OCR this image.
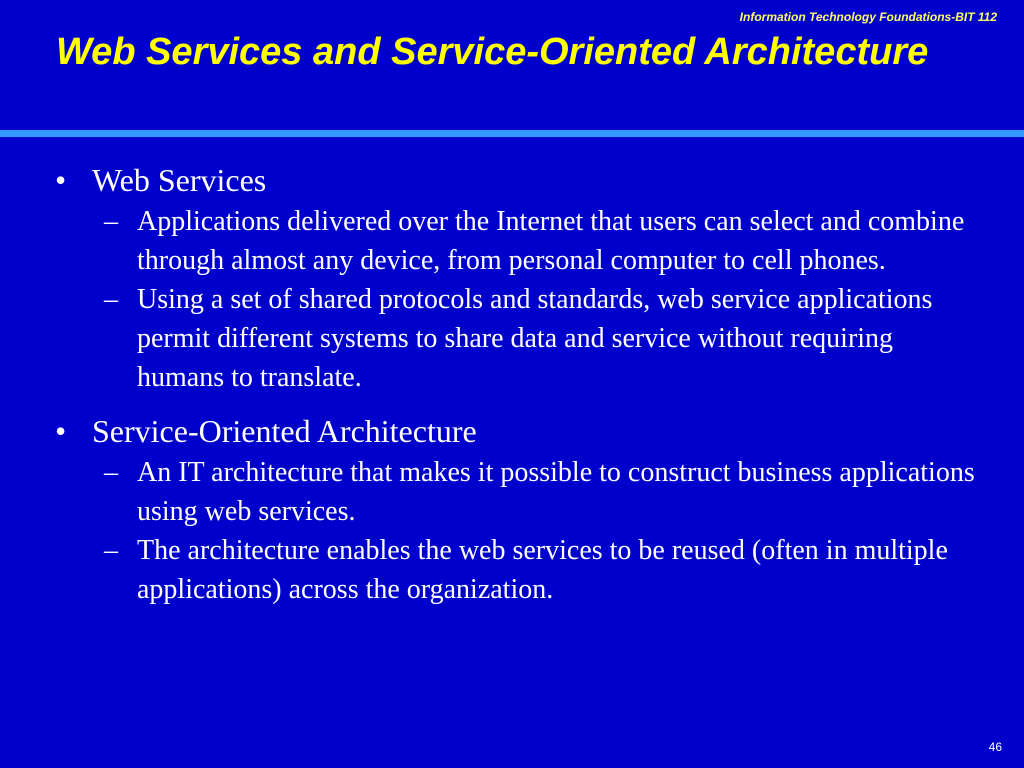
Information Technology Foundations-BIT 112
Web Services and Service-Oriented Architecture

• Web Services

– Applications delivered over the Internet that users can select and combine through almost any device, from personal computer to cell phones.

– Using a set of shared protocols and standards, web service applications permit different systems to share data and service without requiring humans to translate.

• Service-Oriented Architecture

– An IT architecture that makes it possible to construct business applications using web services.

– The architecture enables the web services to be reused (often in multiple applications) across the organization.

46
